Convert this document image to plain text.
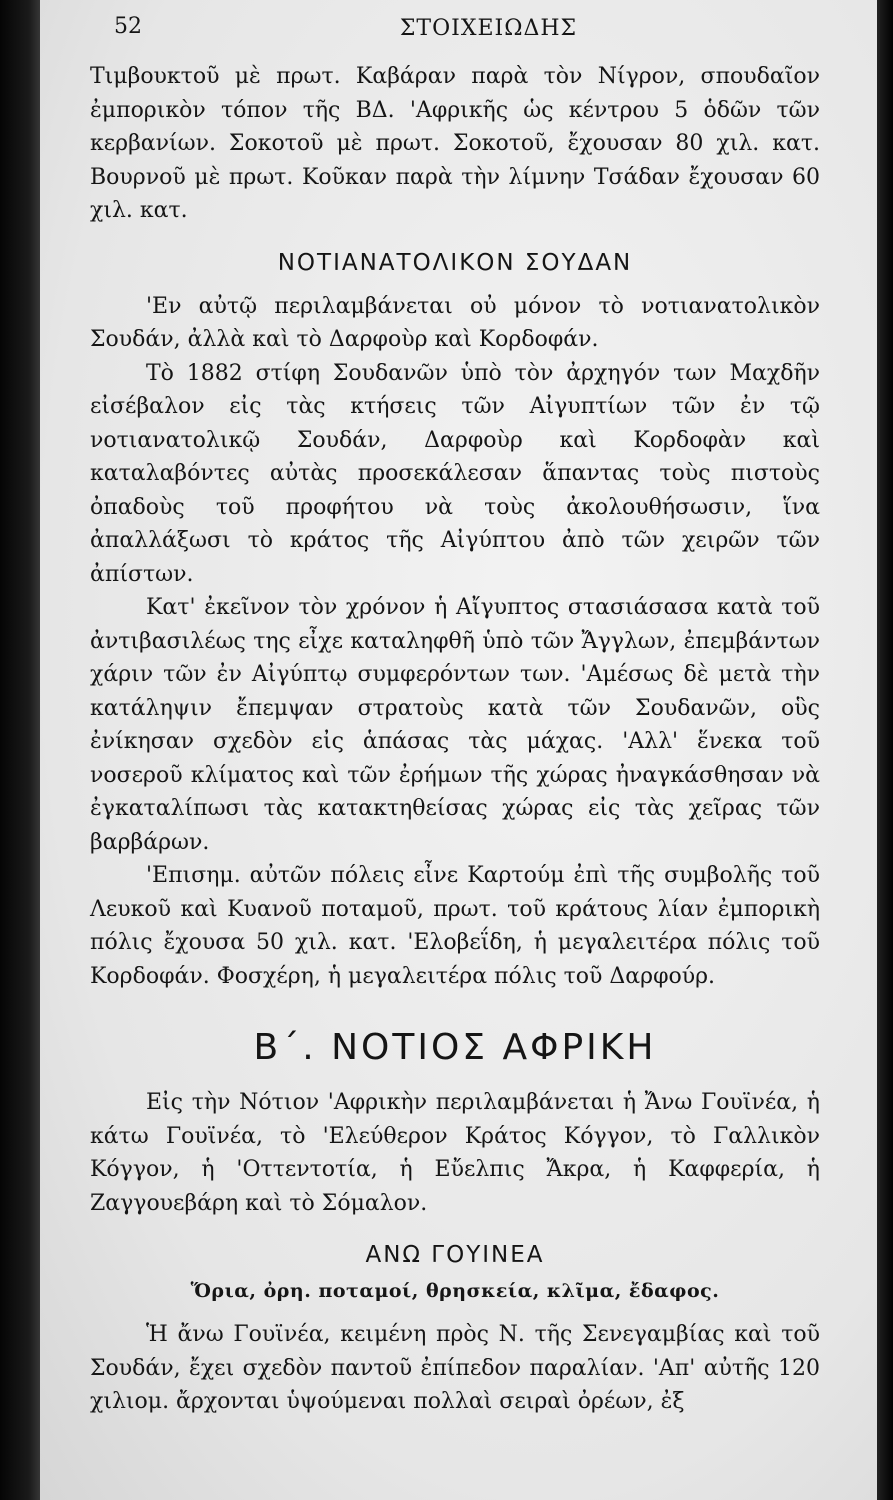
52	ΣΤΟΙΧΕΙΩΔΗΣ

Τιμβουκτοῦ μὲ πρωτ. Καβάραν παρὰ τὸν Νίγρον, σπουδαῖον ἐμπορικὸν τόπον τῆς ΒΔ. 'Αφρικῆς ὡς κέντρου 5 ὁδῶν τῶν κερβανίων. Σοκοτοῦ μὲ πρωτ. Σοκοτοῦ, ἔχουσαν 80 χιλ. κατ. Βουρνοῦ μὲ πρωτ. Κοῦκαν παρὰ τὴν λίμνην Τσάδαν ἔχουσαν 60 χιλ. κατ.

ΝΟΤΙΑΝΑΤΟΛΙΚΟΝ ΣΟΥΔΑΝ

'Εν αὐτῷ περιλαμβάνεται οὐ μόνον τὸ νοτιανατολικὸν Σουδάν, ἀλλὰ καὶ τὸ Δαρφοὺρ καὶ Κορδοφάν.

Τὸ 1882 στίφη Σουδανῶν ὑπὸ τὸν ἀρχηγόν των Μαχδῆν εἰσέβαλον εἰς τὰς κτήσεις τῶν Αἰγυπτίων τῶν ἐν τῷ νοτιανατολικῷ Σουδάν, Δαρφοὺρ καὶ Κορδοφὰν καὶ καταλαβόντες αὐτὰς προσεκάλεσαν ἅπαντας τοὺς πιστοὺς ὀπαδοὺς τοῦ προφήτου νὰ τοὺς ἀκολουθήσωσιν, ἵνα ἀπαλλάξωσι τὸ κράτος τῆς Αἰγύπτου ἀπὸ τῶν χειρῶν τῶν ἀπίστων.

Κατ' ἐκεῖνον τὸν χρόνον ἡ Αἴγυπτος στασιάσασα κατὰ τοῦ ἀντιβασιλέως της εἶχε καταληφθῆ ὑπὸ τῶν Ἄγγλων, ἐπεμβάντων χάριν τῶν ἐν Αἰγύπτῳ συμφερόντων των. 'Αμέσως δὲ μετὰ τὴν κατάληψιν ἔπεμψαν στρατοὺς κατὰ τῶν Σουδανῶν, οὓς ἐνίκησαν σχεδὸν εἰς ἁπάσας τὰς μάχας. 'Αλλ' ἕνεκα τοῦ νοσεροῦ κλίματος καὶ τῶν ἐρήμων τῆς χώρας ἠναγκάσθησαν νὰ ἐγκαταλίπωσι τὰς κατακτηθείσας χώρας εἰς τὰς χεῖρας τῶν βαρβάρων.

'Επισημ. αὐτῶν πόλεις εἶνε Καρτούμ ἐπὶ τῆς συμβολῆς τοῦ Λευκοῦ καὶ Κυανοῦ ποταμοῦ, πρωτ. τοῦ κράτους λίαν ἐμπορικὴ πόλις ἔχουσα 50 χιλ. κατ. 'Ελοβεΐδη, ἡ μεγαλειτέρα πόλις τοῦ Κορδοφάν. Φοσχέρη, ἡ μεγαλειτέρα πόλις τοῦ Δαρφούρ.

Β΄. ΝΟΤΙΟΣ ΑΦΡΙΚΗ

Εἰς τὴν Νότιον 'Αφρικὴν περιλαμβάνεται ἡ Ἄνω Γουϊνέα, ἡ κάτω Γουϊνέα, τὸ 'Ελεύθερον Κράτος Κόγγον, τὸ Γαλλικὸν Κόγγον, ἡ 'Οττεντοτία, ἡ Εὔελπις Ἄκρα, ἡ Καφφερία, ἡ Ζαγγουεβάρη καὶ τὸ Σόμαλον.

ΑΝΩ ΓΟΥΙΝΕΑ
Ὅρια, ὀρη. ποταμοί, θρησκεία, κλῖμα, ἔδαφος.

Ἡ ἄνω Γουϊνέα, κειμένη πρὸς Ν. τῆς Σενεγαμβίας καὶ τοῦ Σουδάν, ἔχει σχεδὸν παντοῦ ἐπίπεδον παραλίαν. 'Απ' αὐτῆς 120 χιλιομ. ἄρχονται ὑψούμεναι πολλαὶ σειραὶ ὀρέων, ἐξ
